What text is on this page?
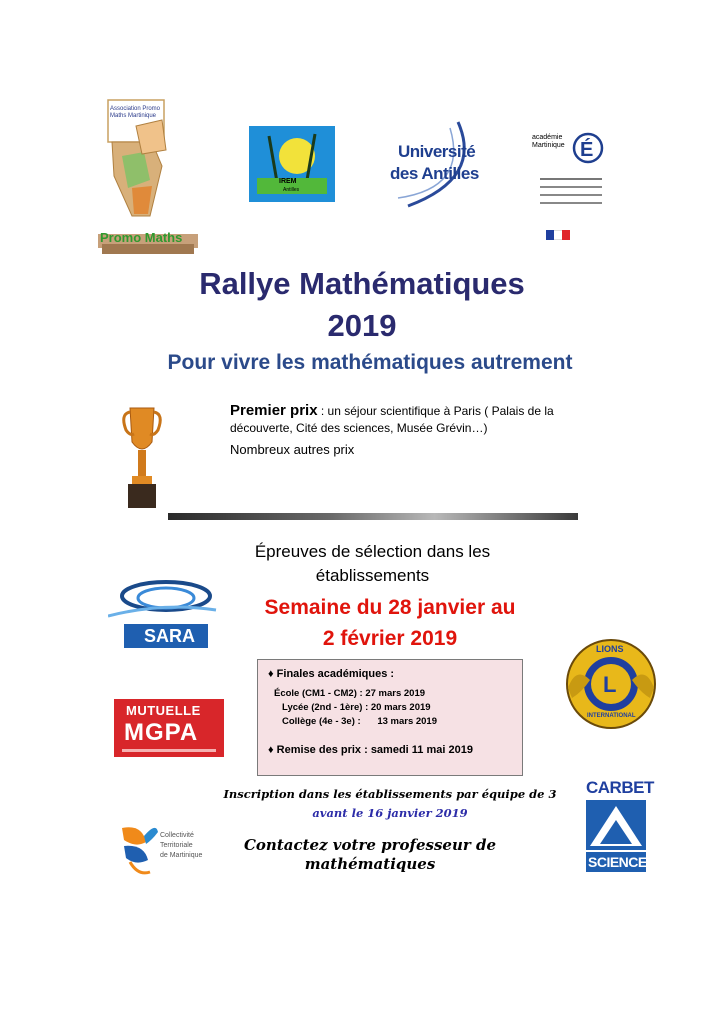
Association Promo Maths Martinique
Promo Maths
IREM
Antilles
Université
des Antilles
académie Martinique É
Rallye Mathématiques
2019
Pour vivre les mathématiques autrement
Premier prix : un séjour scientifique à Paris ( Palais de la découverte, Cité des sciences, Musée Grévin…)
Nombreux autres prix
Épreuves de sélection dans les établissements
SARA
Semaine du 28 janvier au
2 février 2019	LIONS
L
INTERNATIONAL
♦ Finales académiques :
École (CM1 - CM2) : 27 mars 2019
Lycée (2nd - 1ère) : 20 mars 2019
Collège (4e - 3e) : 13 mars 2019
♦ Remise des prix : samedi 11 mai 2019
MUTUELLE
MGPA
Inscription dans les établissements par équipe de 3
avant le 16 janvier 2019
CARBET
SCIENCES
Collectivité
Territoriale
de Martinique
Contactez votre professeur de mathématiques
